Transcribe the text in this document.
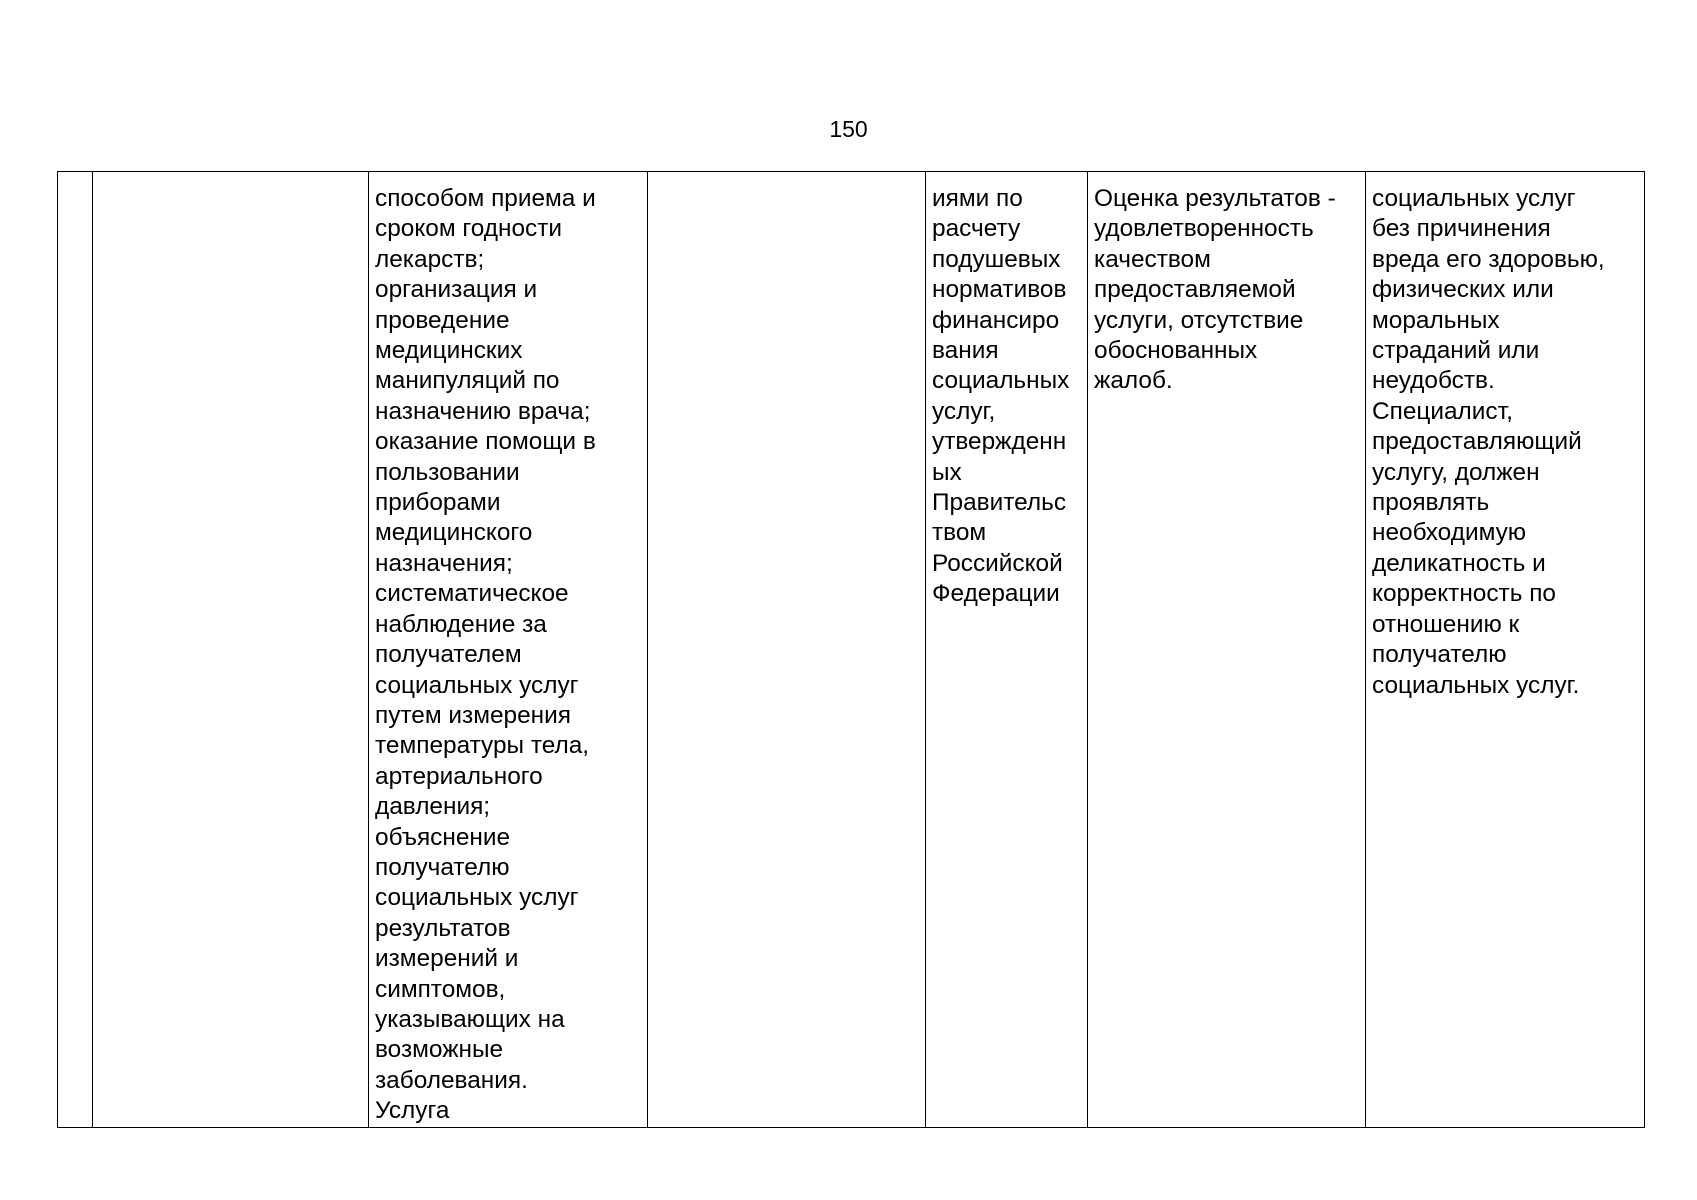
150
		способом приема и
сроком годности
лекарств;
организация и
проведение
медицинских
манипуляций по
назначению врача;
оказание помощи в
пользовании
приборами
медицинского
назначения;
систематическое
наблюдение за
получателем
социальных услуг
путем измерения
температуры тела,
артериального
давления;
объяснение
получателю
социальных услуг
результатов
измерений и
симптомов,
указывающих на
возможные
заболевания.
Услуга		иями по
расчету
подушевых
нормативов
финансиро
вания
социальных
услуг,
утвержденн
ых
Правительс
твом
Российской
Федерации	Оценка результатов -
удовлетворенность
качеством
предоставляемой
услуги, отсутствие
обоснованных
жалоб.	социальных услуг
без причинения
вреда его здоровью,
физических или
моральных
страданий или
неудобств.
Специалист,
предоставляющий
услугу, должен
проявлять
необходимую
деликатность и
корректность по
отношению к
получателю
социальных услуг.
